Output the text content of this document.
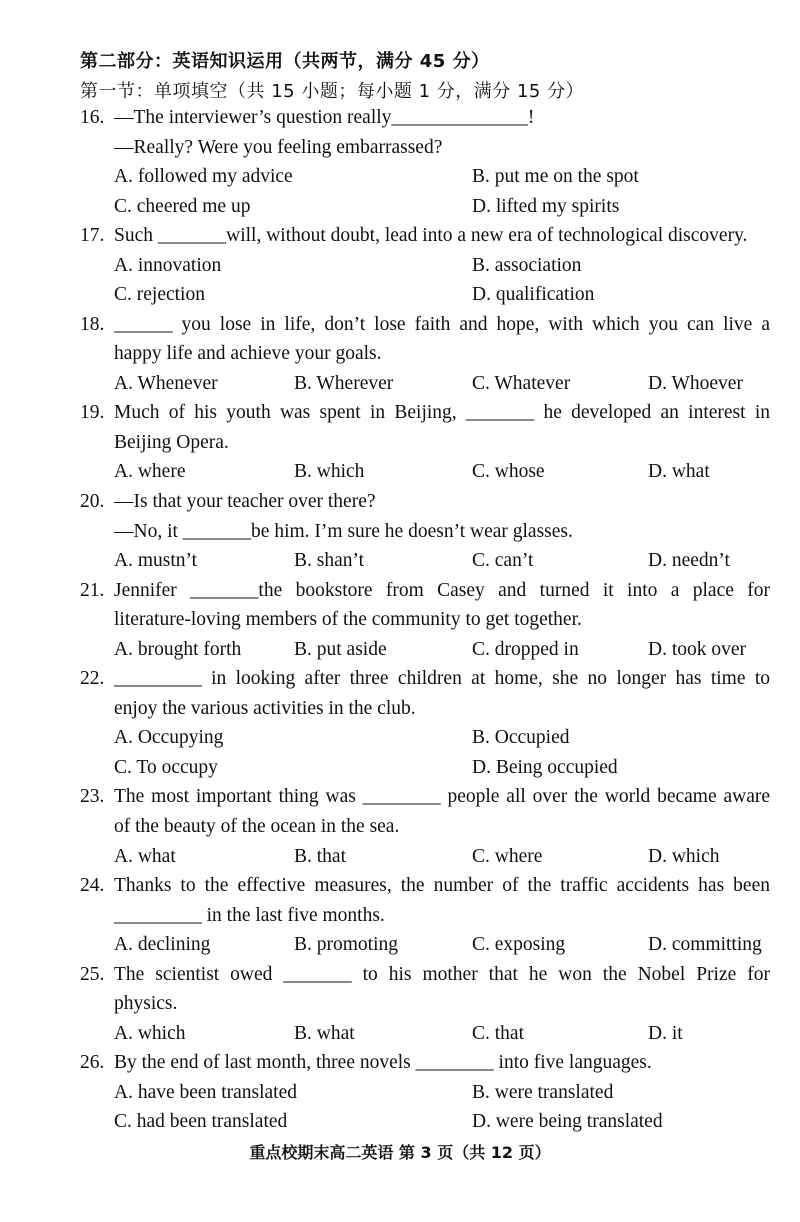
第二部分：英语知识运用（共两节，满分 45 分）
第一节：单项填空（共 15 小题；每小题 1 分，满分 15 分）
16. —The interviewer’s question really______________!
—Really? Were you feeling embarrassed?
A. followed my advice	B. put me on the spot
C. cheered me up	D. lifted my spirits
17. Such _______will, without doubt, lead into a new era of technological discovery.
A. innovation	B. association
C. rejection	D. qualification
18. ______ you lose in life, don’t lose faith and hope, with which you can live a
happy life and achieve your goals.
A. Whenever	B. Wherever	C. Whatever	D. Whoever
19. Much of his youth was spent in Beijing, _______ he developed an interest in
Beijing Opera.
A. where	B. which	C. whose	D. what
20. —Is that your teacher over there?
—No, it _______be him. I’m sure he doesn’t wear glasses.
A. mustn’t	B. shan’t	C. can’t	D. needn’t
21. Jennifer _______the bookstore from Casey and turned it into a place for
literature-loving members of the community to get together.
A. brought forth	B. put aside	C. dropped in	D. took over
22. _________ in looking after three children at home, she no longer has time to
enjoy the various activities in the club.
A. Occupying	B. Occupied
C. To occupy	D. Being occupied
23. The most important thing was ________ people all over the world became aware
of the beauty of the ocean in the sea.
A. what	B. that	C. where	D. which
24. Thanks to the effective measures, the number of the traffic accidents has been
_________ in the last five months.
A. declining	B. promoting	C. exposing	D. committing
25. The scientist owed _______ to his mother that he won the Nobel Prize for
physics.
A. which	B. what	C. that	D. it
26. By the end of last month, three novels ________ into five languages.
A. have been translated	B. were translated
C. had been translated	D. were being translated
重点校期末高二英语 第 3 页（共 12 页）
